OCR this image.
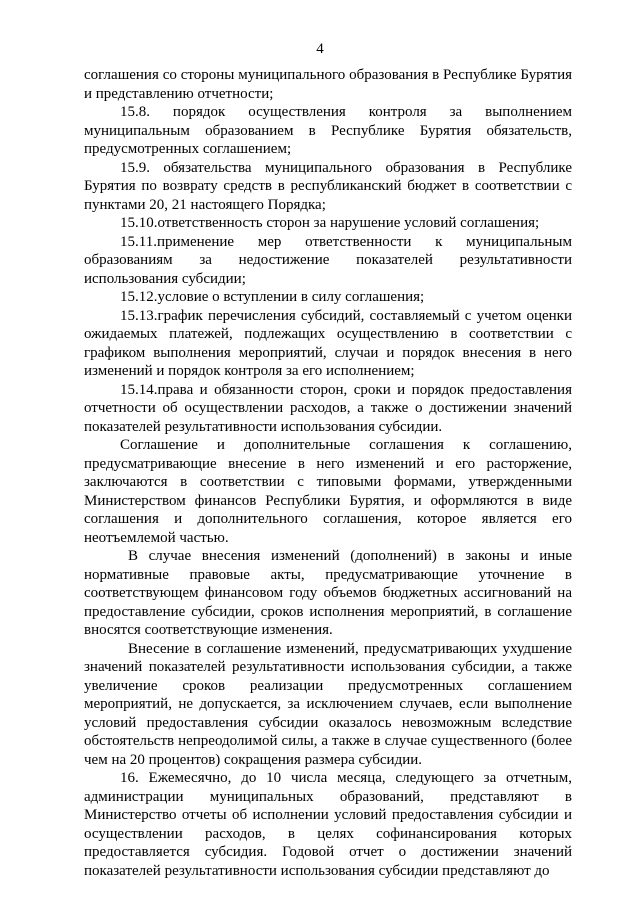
4

соглашения со стороны муниципального образования в Республике Бурятия и представлению отчетности;

15.8. порядок осуществления контроля за выполнением муниципальным образованием в Республике Бурятия обязательств, предусмотренных соглашением;

15.9. обязательства муниципального образования в Республике Бурятия по возврату средств в республиканский бюджет в соответствии с пунктами 20, 21 настоящего Порядка;

15.10.ответственность сторон за нарушение условий соглашения;

15.11.применение мер ответственности к муниципальным образованиям за недостижение показателей результативности использования субсидии;

15.12.условие о вступлении в силу соглашения;

15.13.график перечисления субсидий, составляемый с учетом оценки ожидаемых платежей, подлежащих осуществлению в соответствии с графиком выполнения мероприятий, случаи и порядок внесения в него изменений и порядок контроля за его исполнением;

15.14.права и обязанности сторон, сроки и порядок предоставления отчетности об осуществлении расходов, а также о достижении значений показателей результативности использования субсидии.

Соглашение и дополнительные соглашения к соглашению, предусматривающие внесение в него изменений и его расторжение, заключаются в соответствии с типовыми формами, утвержденными Министерством финансов Республики Бурятия, и оформляются в виде соглашения и дополнительного соглашения, которое является его неотъемлемой частью.

В случае внесения изменений (дополнений) в законы и иные нормативные правовые акты, предусматривающие уточнение в соответствующем финансовом году объемов бюджетных ассигнований на предоставление субсидии, сроков исполнения мероприятий, в соглашение вносятся соответствующие изменения.

Внесение в соглашение изменений, предусматривающих ухудшение значений показателей результативности использования субсидии, а также увеличение сроков реализации предусмотренных соглашением мероприятий, не допускается, за исключением случаев, если выполнение условий предоставления субсидии оказалось невозможным вследствие обстоятельств непреодолимой силы, а также в случае существенного (более чем на 20 процентов) сокращения размера субсидии.

16. Ежемесячно, до 10 числа месяца, следующего за отчетным, администрации муниципальных образований, представляют в Министерство отчеты об исполнении условий предоставления субсидии и осуществлении расходов, в целях софинансирования которых предоставляется субсидия. Годовой отчет о достижении значений показателей результативности использования субсидии представляют до
